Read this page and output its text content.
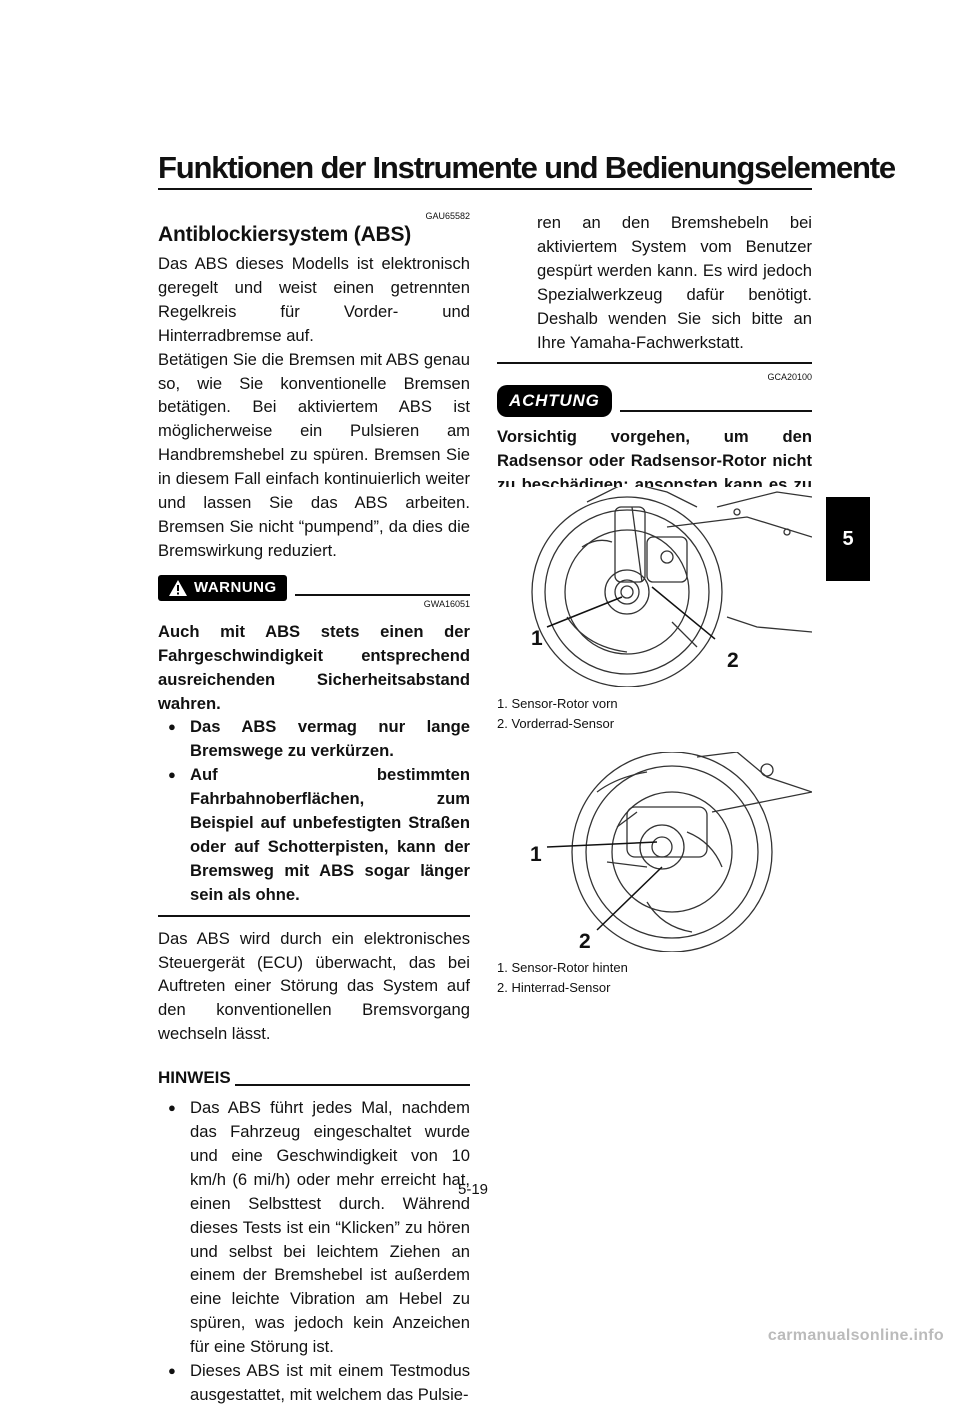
Funktionen der Instrumente und Bedienungselemente
5
GAU65582
Antiblockiersystem (ABS)

Das ABS dieses Modells ist elektronisch geregelt und weist einen getrennten Regelkreis für Vorder- und Hinterradbremse auf.

Betätigen Sie die Bremsen mit ABS genau so, wie Sie konventionelle Bremsen betätigen. Bei aktiviertem ABS ist möglicherweise ein Pulsieren am Handbremshebel zu spüren. Bremsen Sie in diesem Fall einfach kontinuierlich weiter und lassen Sie das ABS arbeiten. Bremsen Sie nicht “pumpend”, da dies die Bremswirkung reduziert.

WARNUNG
GWA16051

Auch mit ABS stets einen der Fahrgeschwindigkeit entsprechend ausreichenden Sicherheitsabstand wahren.

● Das ABS vermag nur lange Bremswege zu verkürzen.
● Auf bestimmten Fahrbahnoberflächen, zum Beispiel auf unbefestigten Straßen oder auf Schotterpisten, kann der Bremsweg mit ABS sogar länger sein als ohne.

Das ABS wird durch ein elektronisches Steuergerät (ECU) überwacht, das bei Auftreten einer Störung das System auf den konventionellen Bremsvorgang wechseln lässt.

HINWEIS
● Das ABS führt jedes Mal, nachdem das Fahrzeug eingeschaltet wurde und eine Geschwindigkeit von 10 km/h (6 mi/h) oder mehr erreicht hat, einen Selbsttest durch. Während dieses Tests ist ein “Klicken” zu hören und selbst bei leichtem Ziehen an einem der Bremshebel ist außerdem eine leichte Vibration am Hebel zu spüren, was jedoch kein Anzeichen für eine Störung ist.
● Dieses ABS ist mit einem Testmodus ausgestattet, mit welchem das Pulsie-

ren an den Bremshebeln bei aktiviertem System vom Benutzer gespürt werden kann. Es wird jedoch Spezialwerkzeug dafür benötigt. Deshalb wenden Sie sich bitte an Ihre Yamaha-Fachwerkstatt.

GCA20100
ACHTUNG

Vorsichtig vorgehen, um den Radsensor oder Radsensor-Rotor nicht zu beschädigen; ansonsten kann es zu einer Fehlfunktion des ABS kommen.

1
2
1. Sensor-Rotor vorn
2. Vorderrad-Sensor
1
2
1. Sensor-Rotor hinten
2. Hinterrad-Sensor
5-19
carmanualsonline.info
